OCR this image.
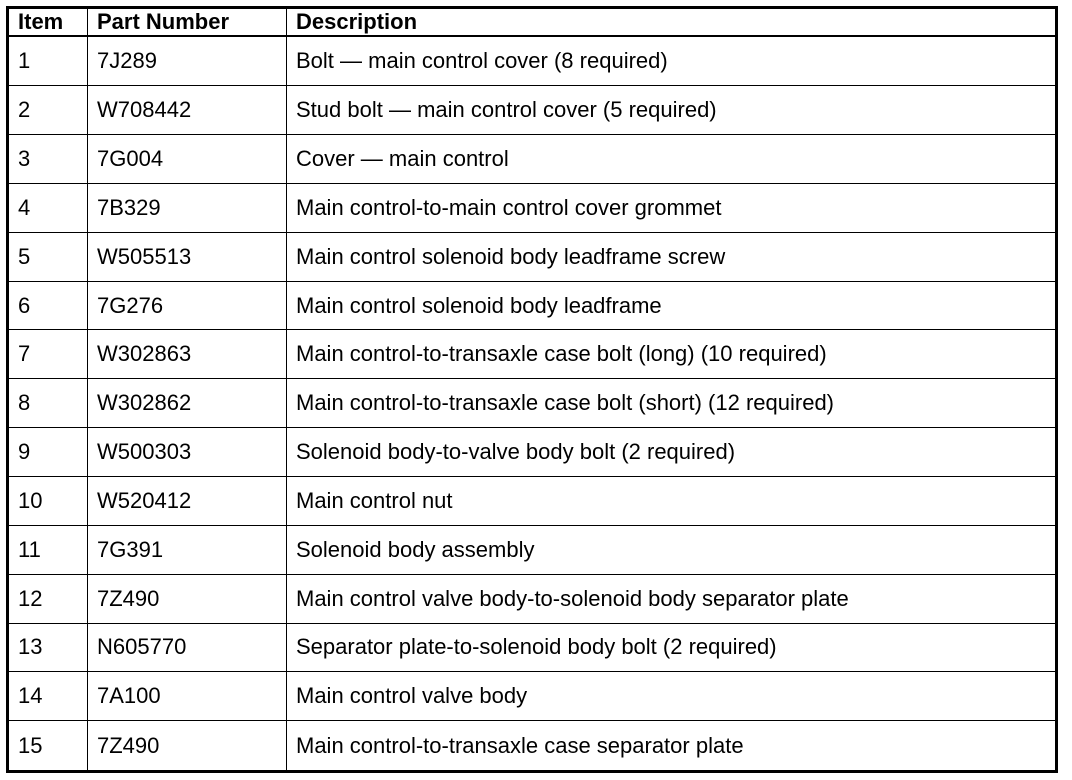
Item	Part Number	Description
1	7J289	Bolt — main control cover (8 required)
2	W708442	Stud bolt — main control cover (5 required)
3	7G004	Cover — main control
4	7B329	Main control-to-main control cover grommet
5	W505513	Main control solenoid body leadframe screw
6	7G276	Main control solenoid body leadframe
7	W302863	Main control-to-transaxle case bolt (long) (10 required)
8	W302862	Main control-to-transaxle case bolt (short) (12 required)
9	W500303	Solenoid body-to-valve body bolt (2 required)
10	W520412	Main control nut
11	7G391	Solenoid body assembly
12	7Z490	Main control valve body-to-solenoid body separator plate
13	N605770	Separator plate-to-solenoid body bolt (2 required)
14	7A100	Main control valve body
15	7Z490	Main control-to-transaxle case separator plate
